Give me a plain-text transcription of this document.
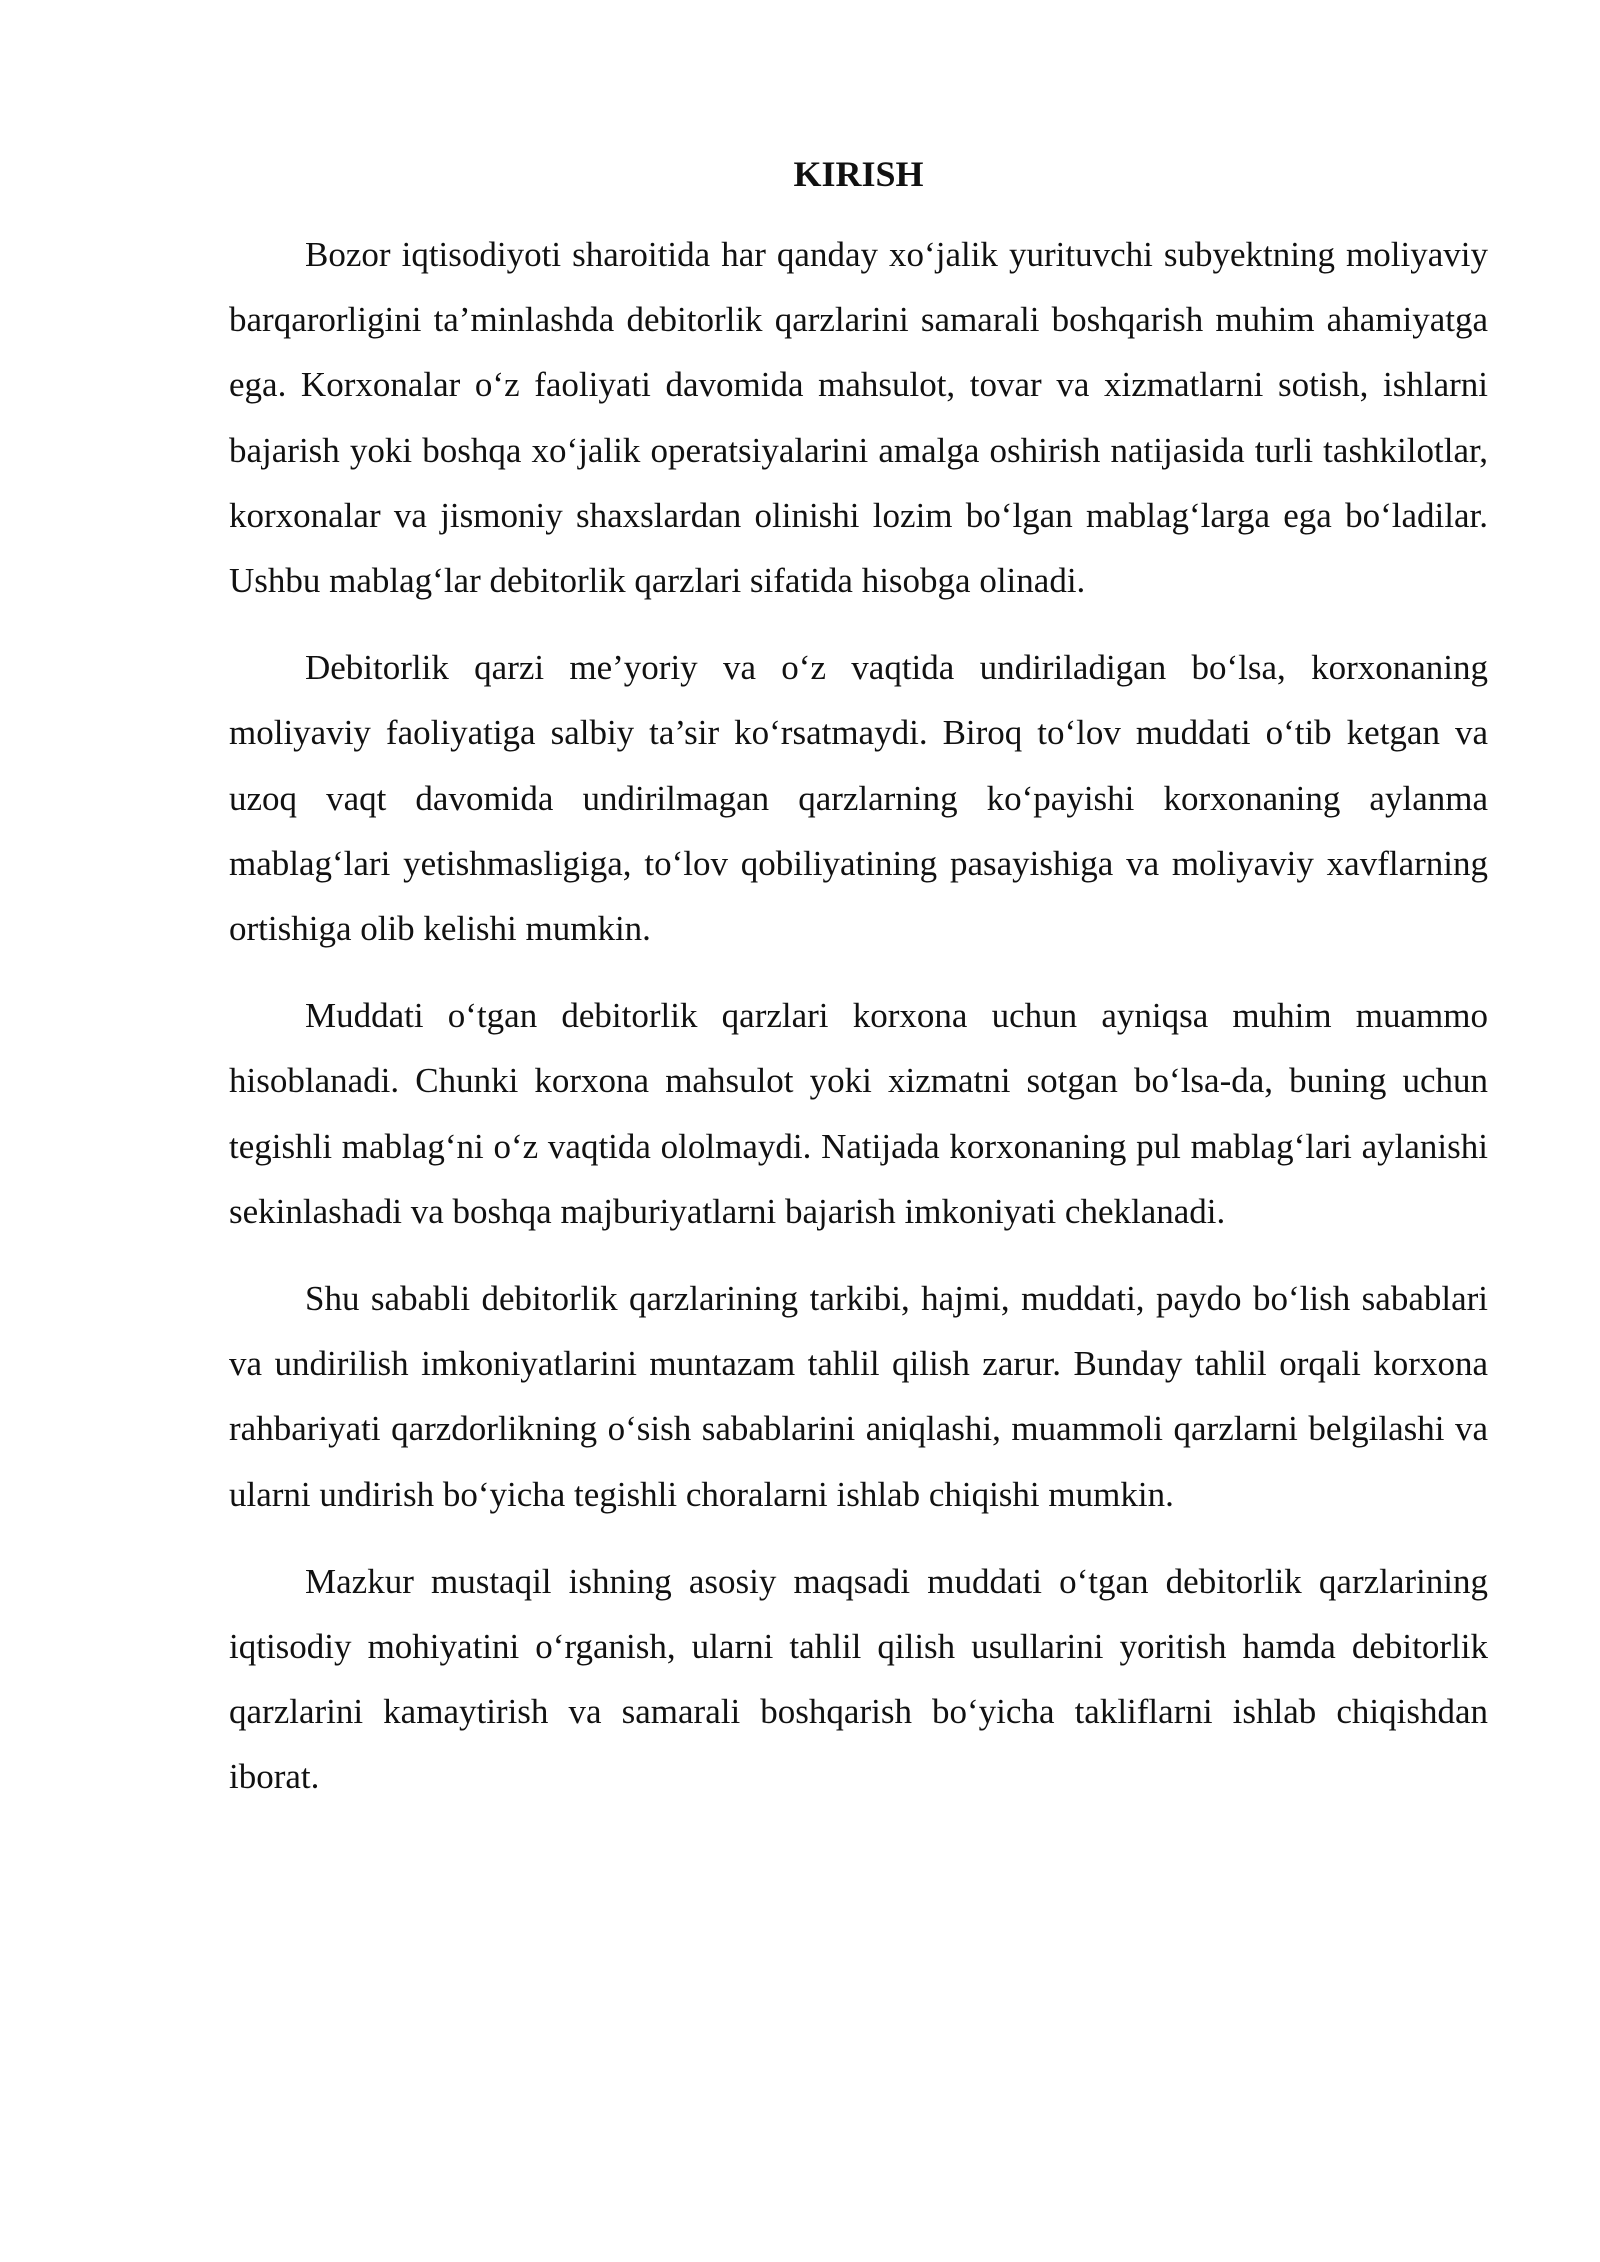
KIRISH

Bozor iqtisodiyoti sharoitida har qanday xo‘jalik yurituvchi subyektning moliyaviy barqarorligini ta’minlashda debitorlik qarzlarini samarali boshqarish muhim ahamiyatga ega. Korxonalar o‘z faoliyati davomida mahsulot, tovar va xizmatlarni sotish, ishlarni bajarish yoki boshqa xo‘jalik operatsiyalarini amalga oshirish natijasida turli tashkilotlar, korxonalar va jismoniy shaxslardan olinishi lozim bo‘lgan mablag‘larga ega bo‘ladilar. Ushbu mablag‘lar debitorlik qarzlari sifatida hisobga olinadi.

Debitorlik qarzi me’yoriy va o‘z vaqtida undiriladigan bo‘lsa, korxonaning moliyaviy faoliyatiga salbiy ta’sir ko‘rsatmaydi. Biroq to‘lov muddati o‘tib ketgan va uzoq vaqt davomida undirilmagan qarzlarning ko‘payishi korxonaning aylanma mablag‘lari yetishmasligiga, to‘lov qobiliyatining pasayishiga va moliyaviy xavflarning ortishiga olib kelishi mumkin.

Muddati o‘tgan debitorlik qarzlari korxona uchun ayniqsa muhim muammo hisoblanadi. Chunki korxona mahsulot yoki xizmatni sotgan bo‘lsa-da, buning uchun tegishli mablag‘ni o‘z vaqtida ololmaydi. Natijada korxonaning pul mablag‘lari aylanishi sekinlashadi va boshqa majburiyatlarni bajarish imkoniyati cheklanadi.

Shu sababli debitorlik qarzlarining tarkibi, hajmi, muddati, paydo bo‘lish sabablari va undirilish imkoniyatlarini muntazam tahlil qilish zarur. Bunday tahlil orqali korxona rahbariyati qarzdorlikning o‘sish sabablarini aniqlashi, muammoli qarzlarni belgilashi va ularni undirish bo‘yicha tegishli choralarni ishlab chiqishi mumkin.

Mazkur mustaqil ishning asosiy maqsadi muddati o‘tgan debitorlik qarzlarining iqtisodiy mohiyatini o‘rganish, ularni tahlil qilish usullarini yoritish hamda debitorlik qarzlarini kamaytirish va samarali boshqarish bo‘yicha takliflarni ishlab chiqishdan iborat.
